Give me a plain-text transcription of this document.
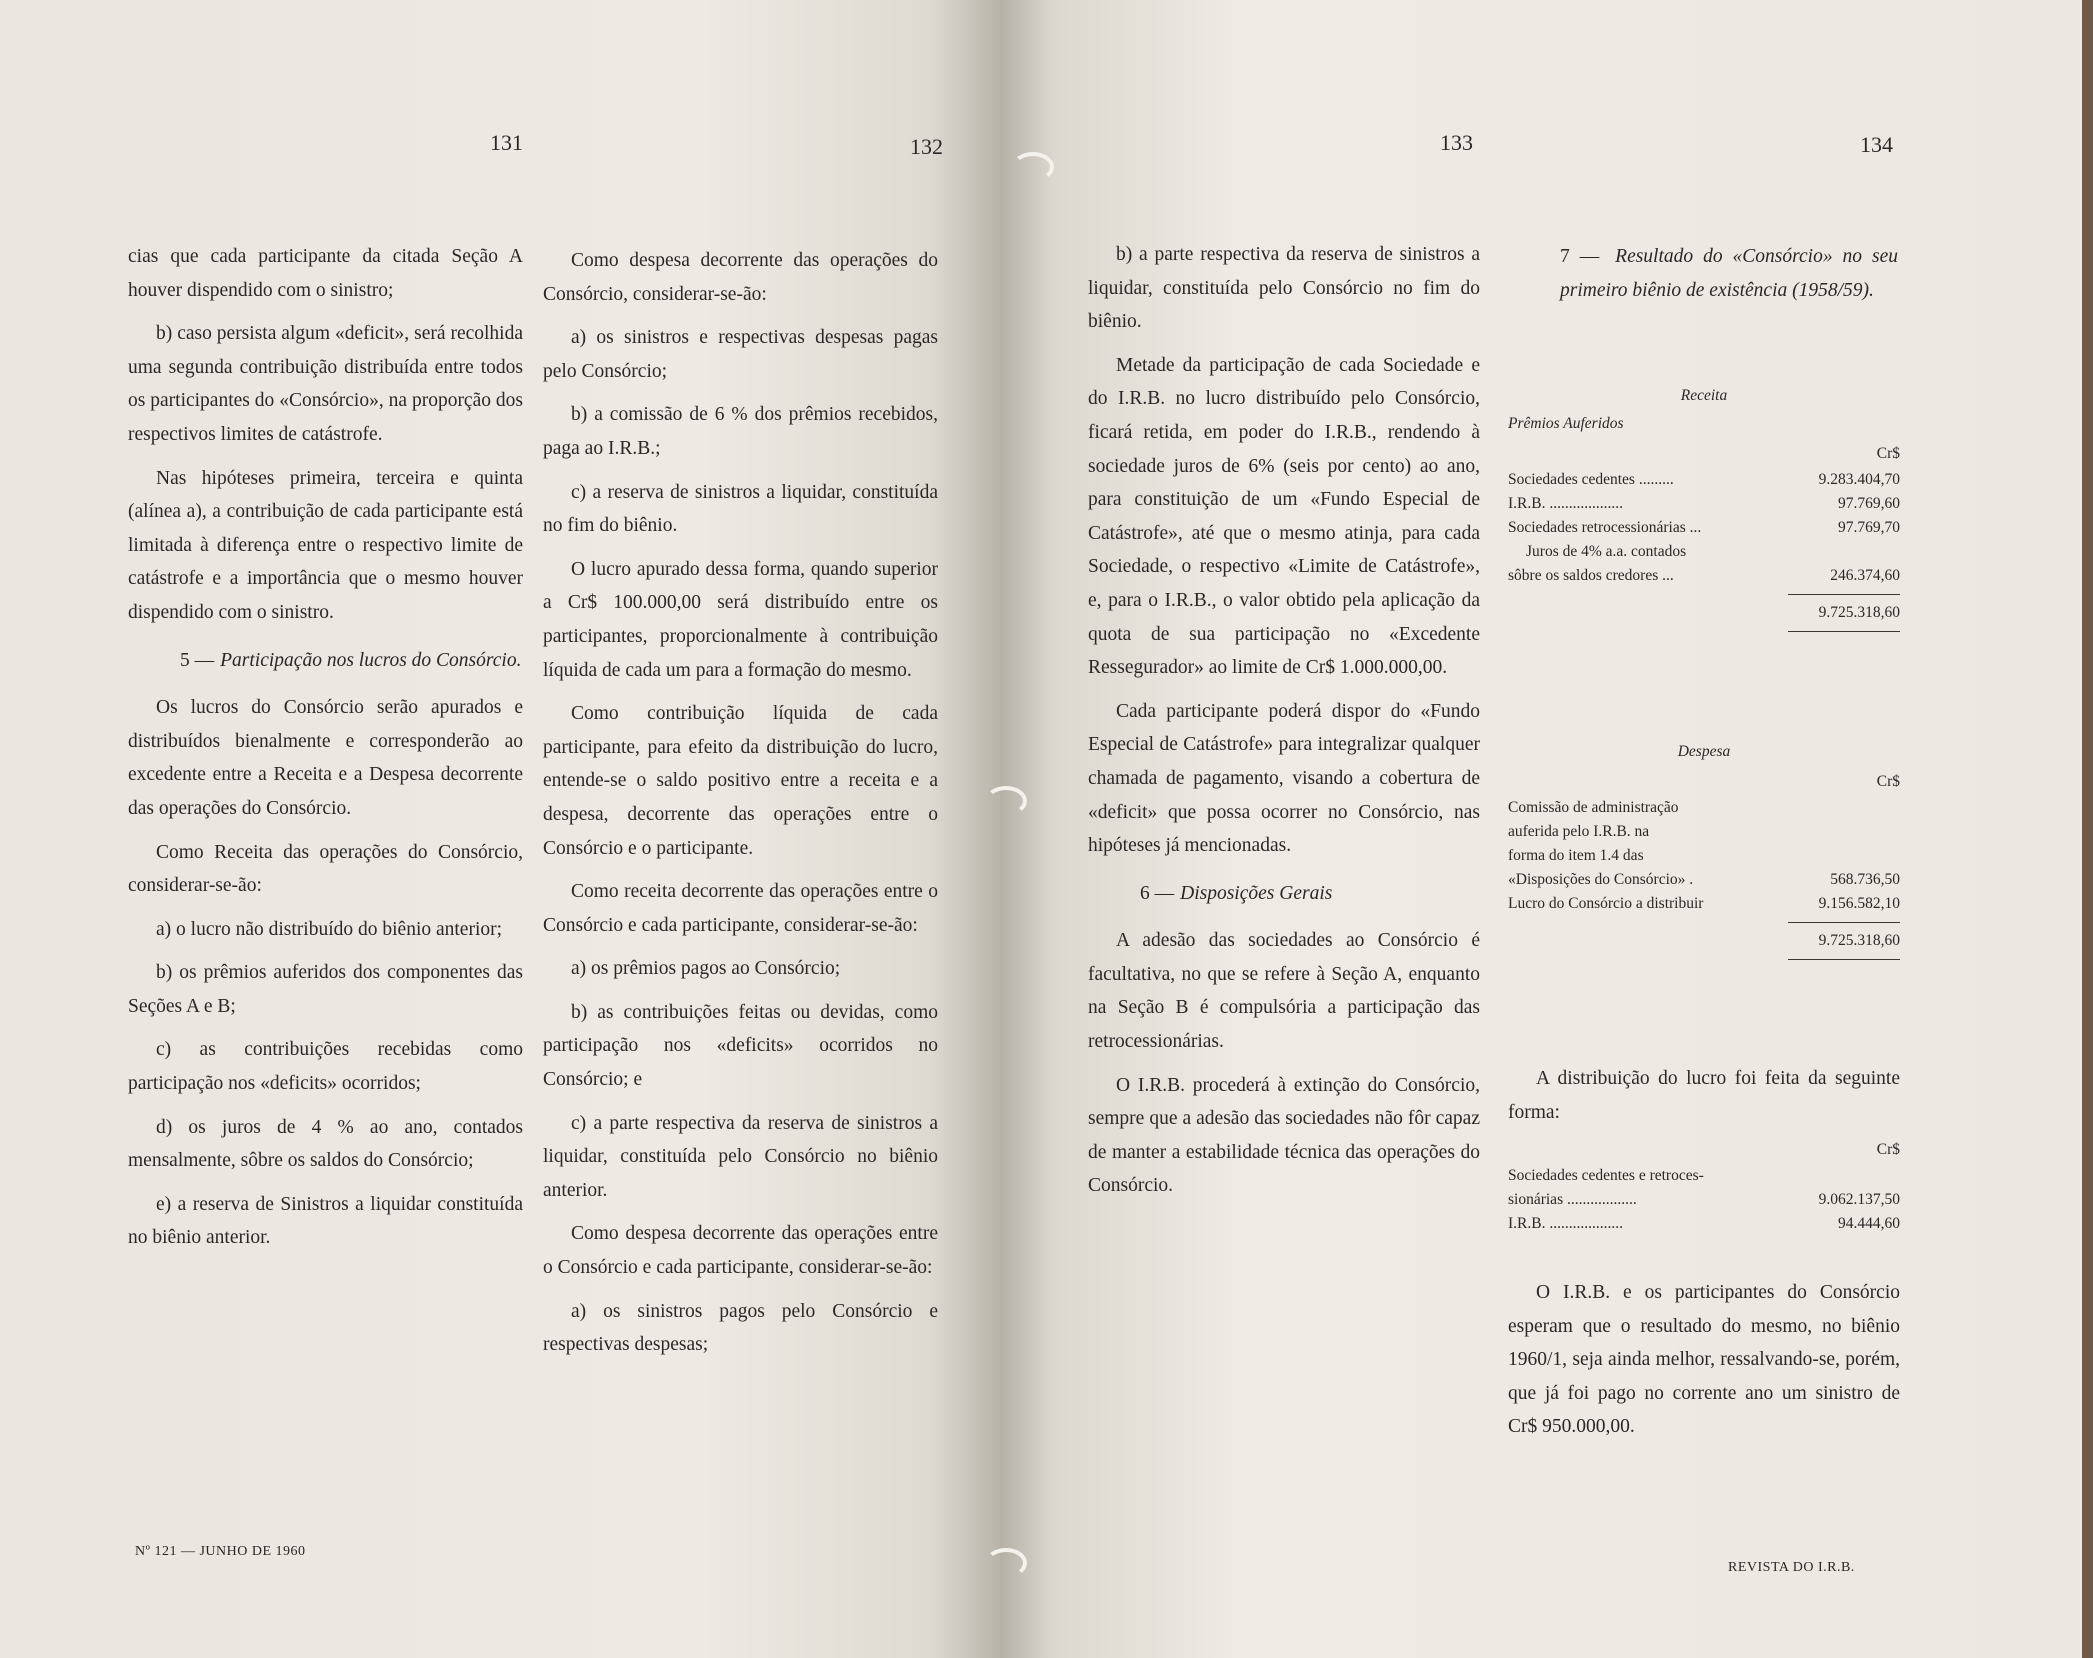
131	132	133	134

cias que cada participante da citada Seção A houver dispendido com o sinistro;

b) caso persista algum «deficit», será recolhida uma segunda contribuição distribuída entre todos os participantes do «Consórcio», na proporção dos respectivos limites de catástrofe.

Nas hipóteses primeira, terceira e quinta (alínea a), a contribuição de cada participante está limitada à diferença entre o respectivo limite de catástrofe e a importância que o mesmo houver dispendido com o sinistro.

5 — Participação nos lucros do Consórcio.

Os lucros do Consórcio serão apurados e distribuídos bienalmente e corresponderão ao excedente entre a Receita e a Despesa decorrente das operações do Consórcio.

Como Receita das operações do Consórcio, considerar-se-ão:

a) o lucro não distribuído do biênio anterior;

b) os prêmios auferidos dos componentes das Seções A e B;

c) as contribuições recebidas como participação nos «deficits» ocorridos;

d) os juros de 4 % ao ano, contados mensalmente, sôbre os saldos do Consórcio;

e) a reserva de Sinistros a liquidar constituída no biênio anterior.

Nº 121 — JUNHO DE 1960

Como despesa decorrente das operações do Consórcio, considerar-se-ão:

a) os sinistros e respectivas despesas pagas pelo Consórcio;

b) a comissão de 6 % dos prêmios recebidos, paga ao I.R.B.;

c) a reserva de sinistros a liquidar, constituída no fim do biênio.

O lucro apurado dessa forma, quando superior a Cr$ 100.000,00 será distribuído entre os participantes, proporcionalmente à contribuição líquida de cada um para a formação do mesmo.

Como contribuição líquida de cada participante, para efeito da distribuição do lucro, entende-se o saldo positivo entre a receita e a despesa, decorrente das operações entre o Consórcio e o participante.

Como receita decorrente das operações entre o Consórcio e cada participante, considerar-se-ão:

a) os prêmios pagos ao Consórcio;

b) as contribuições feitas ou devidas, como participação nos «deficits» ocorridos no Consórcio; e

c) a parte respectiva da reserva de sinistros a liquidar, constituída pelo Consórcio no biênio anterior.

Como despesa decorrente das operações entre o Consórcio e cada participante, considerar-se-ão:

a) os sinistros pagos pelo Consórcio e respectivas despesas;

b) a parte respectiva da reserva de sinistros a liquidar, constituída pelo Consórcio no fim do biênio.

Metade da participação de cada Sociedade e do I.R.B. no lucro distribuído pelo Consórcio, ficará retida, em poder do I.R.B., rendendo à sociedade juros de 6% (seis por cento) ao ano, para constituição de um «Fundo Especial de Catástrofe», até que o mesmo atinja, para cada Sociedade, o respectivo «Limite de Catástrofe», e, para o I.R.B., o valor obtido pela aplicação da quota de sua participação no «Excedente Ressegurador» ao limite de Cr$ 1.000.000,00.

Cada participante poderá dispor do «Fundo Especial de Catástrofe» para integralizar qualquer chamada de pagamento, visando a cobertura de «deficit» que possa ocorrer no Consórcio, nas hipóteses já mencionadas.

6 — Disposições Gerais

A adesão das sociedades ao Consórcio é facultativa, no que se refere à Seção A, enquanto na Seção B é compulsória a participação das retrocessionárias.

O I.R.B. procederá à extinção do Consórcio, sempre que a adesão das sociedades não fôr capaz de manter a estabilidade técnica das operações do Consórcio.

7 — Resultado do «Consórcio» no seu primeiro biênio de existência (1958/59).

Receita
Prêmios Auferidos
Cr$
Sociedades cedentes .........	9.283.404,70
I.R.B. ...................	97.769,60
Sociedades retrocessionárias ...	97.769,70
Juros de 4% a.a. contados
sôbre os saldos credores ...	246.374,60
9.725.318,60
Despesa
Cr$
Comissão de administração
auferida pelo I.R.B. na
forma do item 1.4 das
«Disposições do Consórcio» .	568.736,50
Lucro do Consórcio a distribuir	9.156.582,10
9.725.318,60

A distribuição do lucro foi feita da seguinte forma:

Cr$
Sociedades cedentes e retroces-
sionárias ..................	9.062.137,50
I.R.B. ...................	94.444,60

O I.R.B. e os participantes do Consórcio esperam que o resultado do mesmo, no biênio 1960/1, seja ainda melhor, ressalvando-se, porém, que já foi pago no corrente ano um sinistro de Cr$ 950.000,00.

REVISTA DO I.R.B.
